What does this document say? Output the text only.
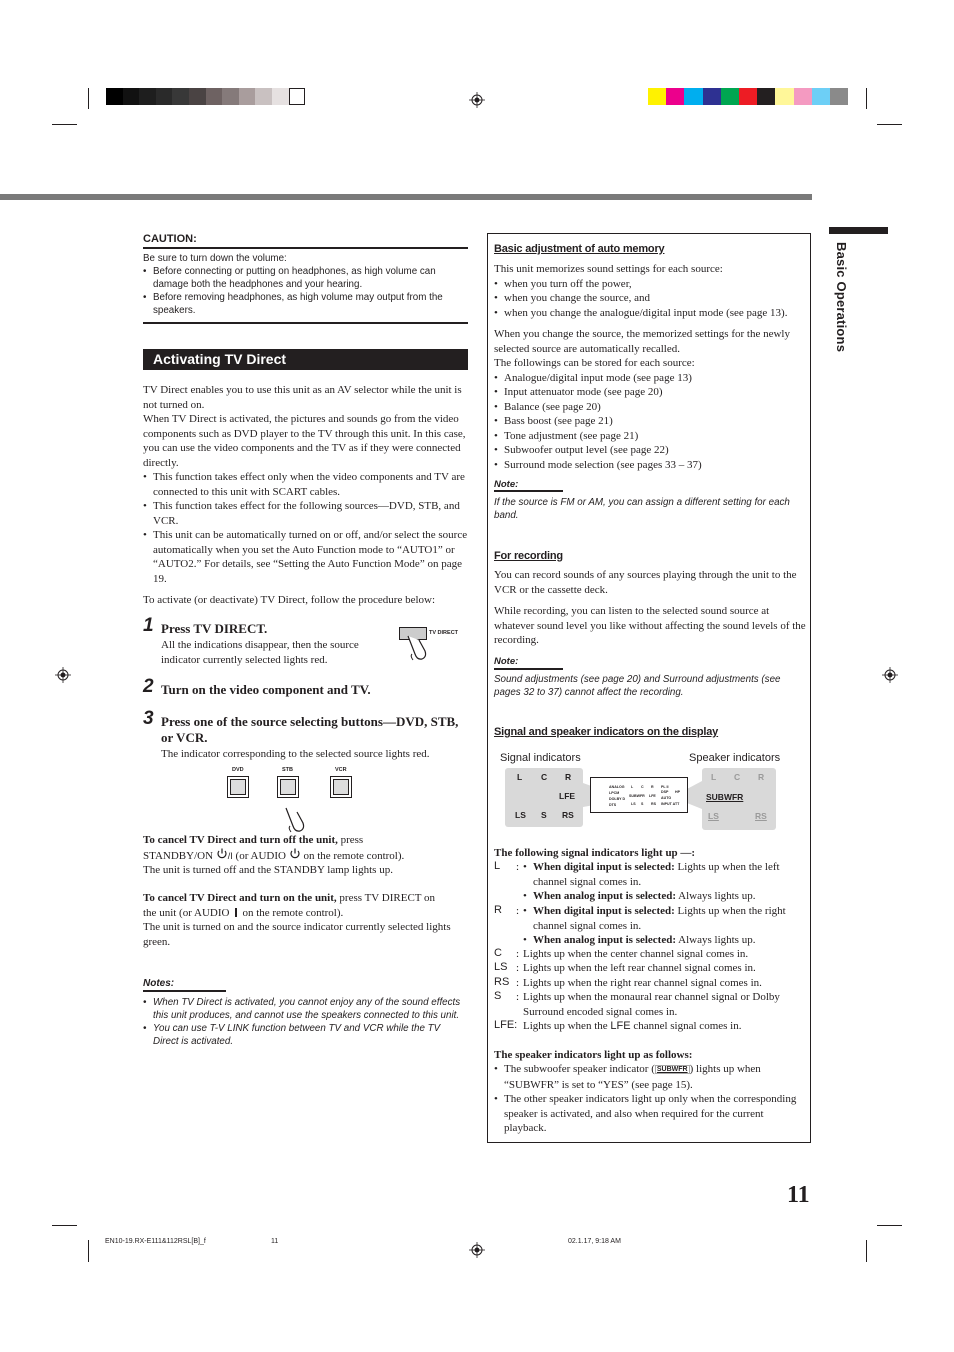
Basic Operations
CAUTION:
Be sure to turn down the volume:
• Before connecting or putting on headphones, as high volume can damage both the headphones and your hearing.
• Before removing headphones, as high volume may output from the speakers.
Activating TV Direct
TV Direct enables you to use this unit as an AV selector while the unit is not turned on.
When TV Direct is activated, the pictures and sounds go from the video components such as DVD player to the TV through this unit. In this case, you can use the video components and the TV as if they were connected directly.
• This function takes effect only when the video components and TV are connected to this unit with SCART cables.
• This function takes effect for the following sources—DVD, STB, and VCR.
• This unit can be automatically turned on or off, and/or select the source automatically when you set the Auto Function mode to “AUTO1” or “AUTO2.” For details, see “Setting the Auto Function Mode” on page 19.
To activate (or deactivate) TV Direct, follow the procedure below:
1 Press TV DIRECT.
All the indications disappear, then the source indicator currently selected lights red.
TV DIRECT
2 Turn on the video component and TV.
3 Press one of the source selecting buttons—DVD, STB, or VCR.
The indicator corresponding to the selected source lights red.
DVD	STB	VCR
To cancel TV Direct and turn off the unit, press
STANDBY/ON /I (or AUDIO  on the remote control).
The unit is turned off and the STANDBY lamp lights up.
To cancel TV Direct and turn on the unit, press TV DIRECT on
the unit (or AUDIO  on the remote control).
The unit is turned on and the source indicator currently selected lights green.
Notes:
• When TV Direct is activated, you cannot enjoy any of the sound effects this unit produces, and cannot use the speakers connected to this unit.
• You can use T-V LINK function between TV and VCR while the TV Direct is activated.
Basic adjustment of auto memory
This unit memorizes sound settings for each source:
• when you turn off the power,
• when you change the source, and
• when you change the analogue/digital input mode (see page 13).
When you change the source, the memorized settings for the newly selected source are automatically recalled.
The followings can be stored for each source:
• Analogue/digital input mode (see page 13)
• Input attenuator mode (see page 20)
• Balance (see page 20)
• Bass boost (see page 21)
• Tone adjustment (see page 21)
• Subwoofer output level (see page 22)
• Surround mode selection (see pages 33 – 37)
Note:
If the source is FM or AM, you can assign a different setting for each band.
For recording
You can record sounds of any sources playing through the unit to the VCR or the cassette deck.
While recording, you can listen to the selected sound source at whatever sound level you like without affecting the sound levels of the recording.
Note:
Sound adjustments (see page 20) and Surround adjustments (see pages 32 to 37) cannot affect the recording.
Signal and speaker indicators on the display
Signal indicators	Speaker indicators
L C R
LFE
LS S RS
ANALOG
LPCM
DOLBY D
DTS
L C R
SUBWFR LFE
LS S RS
PL II
DSP HP
AUTO
INPUT ATT
L C R
SUBWFR
LS	RS
The following signal indicators light up —:
L :	• When digital input is selected: Lights up when the left channel signal comes in.
• When analog input is selected: Always lights up.
R :	• When digital input is selected: Lights up when the right channel signal comes in.
• When analog input is selected: Always lights up.
C : Lights up when the center channel signal comes in.
LS : Lights up when the left rear channel signal comes in.
RS : Lights up when the right rear channel signal comes in.
S : Lights up when the monaural rear channel signal or Dolby Surround encoded signal comes in.
LFE: Lights up when the LFE channel signal comes in.
The speaker indicators light up as follows:
• The subwoofer speaker indicator ( SUBWFR ) lights up when “SUBWFR” is set to “YES” (see page 15).
• The other speaker indicators light up only when the corresponding speaker is activated, and also when required for the current playback.
11
EN10-19.RX-E111&112RSL[B]_f	11	02.1.17, 9:18 AM
